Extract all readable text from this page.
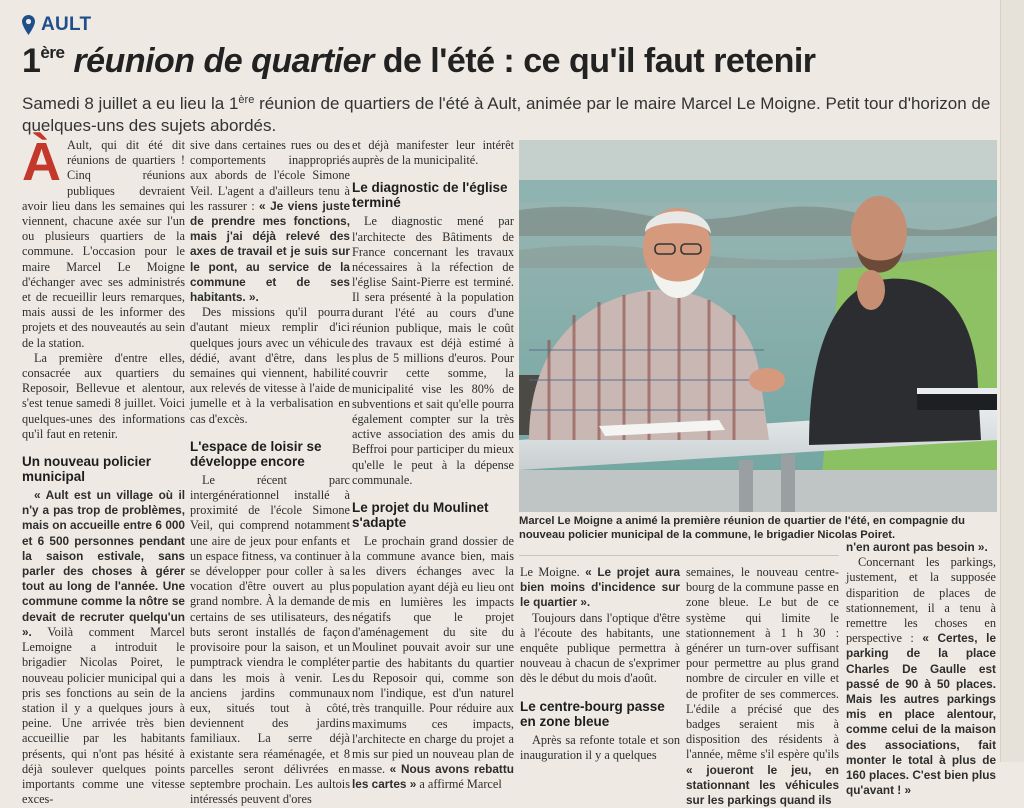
AULT
1ère réunion de quartier de l'été : ce qu'il faut retenir
Samedi 8 juillet a eu lieu la 1ère réunion de quartiers de l'été à Ault, animée par le maire Marcel Le Moigne. Petit tour d'horizon de quelques-uns des sujets abordés.

À Ault, qui dit été dit réunions de quartiers ! Cinq réunions publiques devraient avoir lieu dans les semaines qui viennent, chacune axée sur l'un ou plusieurs quartiers de la commune. L'occasion pour le maire Marcel Le Moigne d'échanger avec ses administrés et de recueillir leurs remarques, mais aussi de les informer des projets et des nouveautés au sein de la station.

La première d'entre elles, consacrée aux quartiers du Reposoir, Bellevue et alentour, s'est tenue samedi 8 juillet. Voici quelques-unes des informations qu'il faut en retenir.

Un nouveau policier municipal

« Ault est un village où il n'y a pas trop de problèmes, mais on accueille entre 6 000 et 6 500 personnes pendant la saison estivale, sans parler des choses à gérer tout au long de l'année. Une commune comme la nôtre se devait de recruter quelqu'un ». Voilà comment Marcel Lemoigne a introduit le brigadier Nicolas Poiret, le nouveau policier municipal qui a pris ses fonctions au sein de la station il y a quelques jours à peine. Une arrivée très bien accueillie par les habitants présents, qui n'ont pas hésité à déjà soulever quelques points importants comme une vitesse exces-

sive dans certaines rues ou des comportements inappropriés aux abords de l'école Simone Veil. L'agent a d'ailleurs tenu à les rassurer : « Je viens juste de prendre mes fonctions, mais j'ai déjà relevé des axes de travail et je suis sur le pont, au service de la commune et de ses habitants. ».

Des missions qu'il pourra d'autant mieux remplir d'ici quelques jours avec un véhicule dédié, avant d'être, dans les semaines qui viennent, habilité aux relevés de vitesse à l'aide de jumelle et à la verbalisation en cas d'excès.

L'espace de loisir se développe encore

Le récent parc intergénérationnel installé à proximité de l'école Simone Veil, qui comprend notamment une aire de jeux pour enfants et un espace fitness, va continuer à se développer pour coller à sa vocation d'être ouvert au plus grand nombre. À la demande de certains de ses utilisateurs, des buts seront installés de façon provisoire pour la saison, et un pumptrack viendra le compléter dans les mois à venir. Les anciens jardins communaux eux, situés tout à côté, deviennent des jardins familiaux. La serre déjà existante sera réaménagée, et 8 parcelles seront délivrées en septembre prochain. Les aultois intéressés peuvent d'ores

et déjà manifester leur intérêt auprès de la municipalité.

Le diagnostic de l'église terminé

Le diagnostic mené par l'architecte des Bâtiments de France concernant les travaux nécessaires à la réfection de l'église Saint-Pierre est terminé. Il sera présenté à la population durant l'été au cours d'une réunion publique, mais le coût des travaux est déjà estimé à plus de 5 millions d'euros. Pour couvrir cette somme, la municipalité vise les 80% de subventions et sait qu'elle pourra également compter sur la très active association des amis du Beffroi pour participer du mieux qu'elle le peut à la dépense communale.

Le projet du Moulinet s'adapte

Le prochain grand dossier de la commune avance bien, mais les divers échanges avec la population ayant déjà eu lieu ont mis en lumières les impacts négatifs que le projet d'aménagement du site du Moulinet pouvait avoir sur une partie des habitants du quartier du Reposoir qui, comme son nom l'indique, est d'un naturel très tranquille. Pour réduire aux maximums ces impacts, l'architecte en charge du projet a mis sur pied un nouveau plan de masse. « Nous avons rebattu les cartes » a affirmé Marcel

Marcel Le Moigne a animé la première réunion de quartier de l'été, en compagnie du nouveau policier municipal de la commune, le brigadier Nicolas Poiret.

Le Moigne. « Le projet aura bien moins d'incidence sur le quartier ».

Toujours dans l'optique d'être à l'écoute des habitants, une enquête publique permettra à nouveau à chacun de s'exprimer dès le début du mois d'août.

Le centre-bourg passe en zone bleue

Après sa refonte totale et son inauguration il y a quelques

semaines, le nouveau centre-bourg de la commune passe en zone bleue. Le but de ce système qui limite le stationnement à 1 h 30 : générer un turn-over suffisant pour permettre au plus grand nombre de circuler en ville et de profiter de ses commerces. L'édile a précisé que des badges seraient mis à disposition des résidents à l'année, même s'il espère qu'ils « joueront le jeu, en stationnant les véhicules sur les parkings quand ils

n'en auront pas besoin ».

Concernant les parkings, justement, et la supposée disparition de places de stationnement, il a tenu à remettre les choses en perspective : « Certes, le parking de la place Charles De Gaulle est passé de 90 à 50 places. Mais les autres parkings mis en place alentour, comme celui de la maison des associations, fait monter le total à plus de 160 places. C'est bien plus qu'avant ! »
